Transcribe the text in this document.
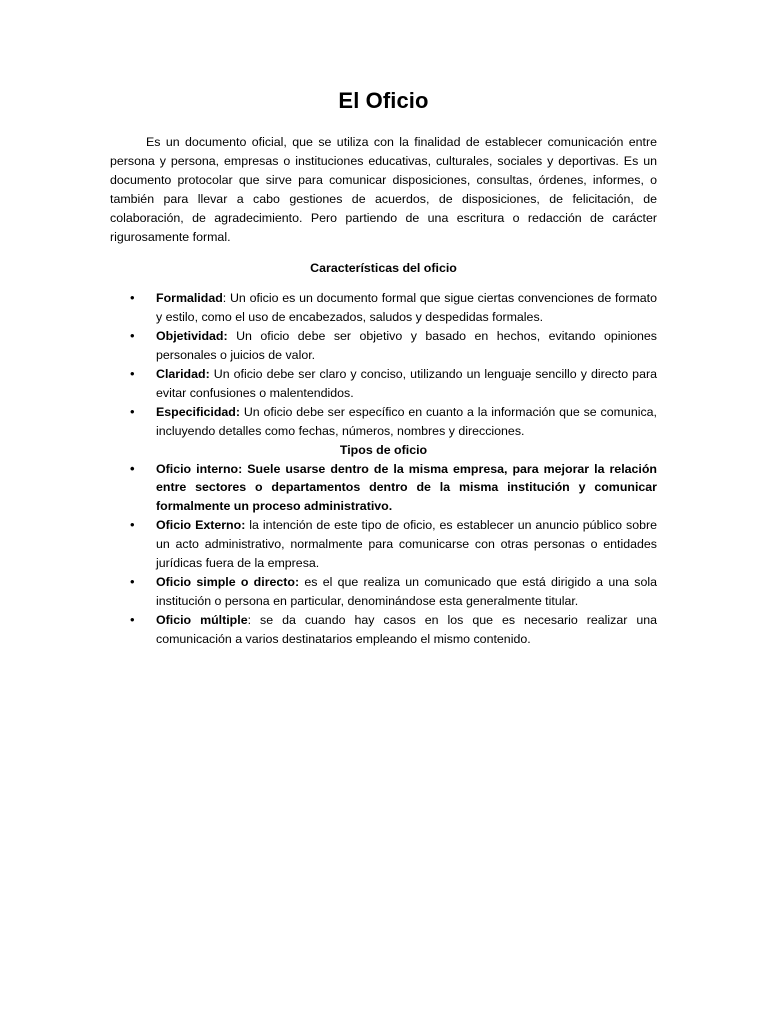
El Oficio

Es un documento oficial, que se utiliza con la finalidad de establecer comunicación entre persona y persona, empresas o instituciones educativas, culturales, sociales y deportivas. Es un documento protocolar que sirve para comunicar disposiciones, consultas, órdenes, informes, o también para llevar a cabo gestiones de acuerdos, de disposiciones, de felicitación, de colaboración, de agradecimiento. Pero partiendo de una escritura o redacción de carácter rigurosamente formal.

Características del oficio

• Formalidad: Un oficio es un documento formal que sigue ciertas convenciones de formato y estilo, como el uso de encabezados, saludos y despedidas formales.
• Objetividad: Un oficio debe ser objetivo y basado en hechos, evitando opiniones personales o juicios de valor.
• Claridad: Un oficio debe ser claro y conciso, utilizando un lenguaje sencillo y directo para evitar confusiones o malentendidos.
• Especificidad: Un oficio debe ser específico en cuanto a la información que se comunica, incluyendo detalles como fechas, números, nombres y direcciones.

Tipos de oficio

• Oficio interno: Suele usarse dentro de la misma empresa, para mejorar la relación entre sectores o departamentos dentro de la misma institución y comunicar formalmente un proceso administrativo.
• Oficio Externo: la intención de este tipo de oficio, es establecer un anuncio público sobre un acto administrativo, normalmente para comunicarse con otras personas o entidades jurídicas fuera de la empresa.
• Oficio simple o directo: es el que realiza un comunicado que está dirigido a una sola institución o persona en particular, denominándose esta generalmente titular.
• Oficio múltiple: se da cuando hay casos en los que es necesario realizar una comunicación a varios destinatarios empleando el mismo contenido.
